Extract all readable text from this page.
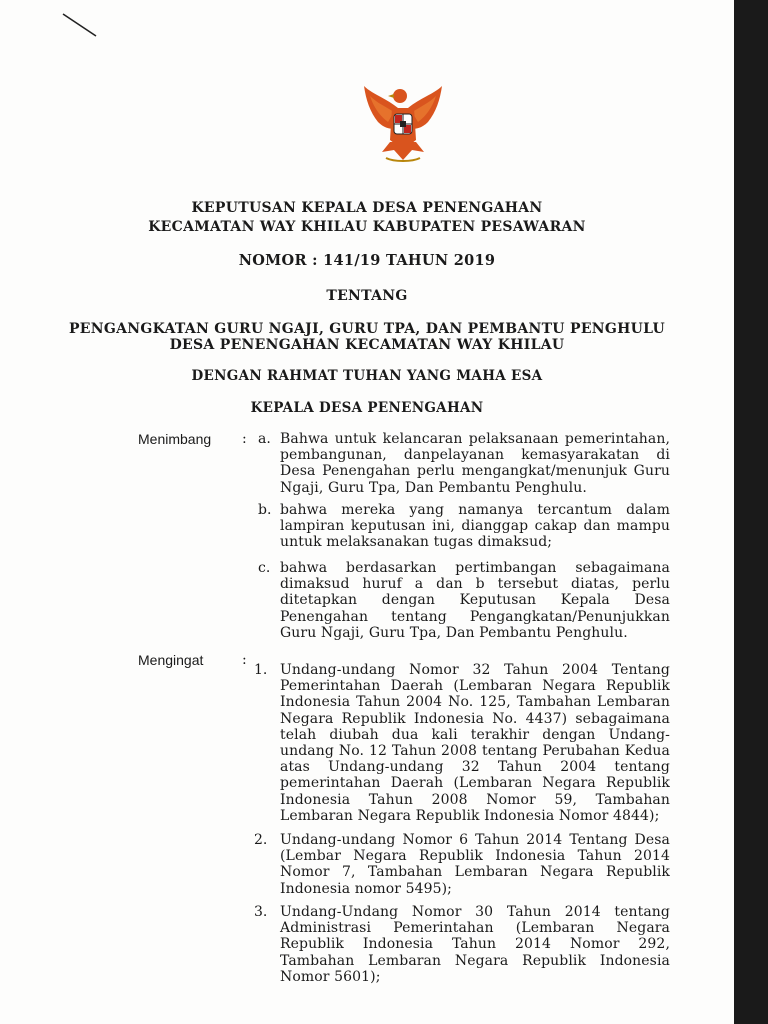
KEPUTUSAN KEPALA DESA PENENGAHAN
KECAMATAN WAY KHILAU KABUPATEN PESAWARAN
NOMOR : 141/19 TAHUN 2019
TENTANG
PENGANGKATAN GURU NGAJI, GURU TPA, DAN PEMBANTU PENGHULU
DESA PENENGAHAN KECAMATAN WAY KHILAU
DENGAN RAHMAT TUHAN YANG MAHA ESA
KEPALA DESA PENENGAHAN
Menimbang : a. Bahwa untuk kelancaran pelaksanaan pemerintahan, pembangunan, danpelayanan kemasyarakatan di Desa Penengahan perlu mengangkat/menunjuk Guru Ngaji, Guru Tpa, Dan Pembantu Penghulu.
b. bahwa mereka yang namanya tercantum dalam lampiran keputusan ini, dianggap cakap dan mampu untuk melaksanakan tugas dimaksud;
c. bahwa berdasarkan pertimbangan sebagaimana dimaksud huruf a dan b tersebut diatas, perlu ditetapkan dengan Keputusan Kepala Desa Penengahan tentang Pengangkatan/Penunjukkan Guru Ngaji, Guru Tpa, Dan Pembantu Penghulu.
Mengingat	:
1. Undang-undang Nomor 32 Tahun 2004 Tentang Pemerintahan Daerah (Lembaran Negara Republik Indonesia Tahun 2004 No. 125, Tambahan Lembaran Negara Republik Indonesia No. 4437) sebagaimana telah diubah dua kali terakhir dengan Undang-undang No. 12 Tahun 2008 tentang Perubahan Kedua atas Undang-undang 32 Tahun 2004 tentang pemerintahan Daerah (Lembaran Negara Republik Indonesia Tahun 2008 Nomor 59, Tambahan Lembaran Negara Republik Indonesia Nomor 4844);
2. Undang-undang Nomor 6 Tahun 2014 Tentang Desa (Lembar Negara Republik Indonesia Tahun 2014 Nomor 7, Tambahan Lembaran Negara Republik Indonesia nomor 5495);
3. Undang-Undang Nomor 30 Tahun 2014 tentang Administrasi Pemerintahan (Lembaran Negara Republik Indonesia Tahun 2014 Nomor 292, Tambahan Lembaran Negara Republik Indonesia Nomor 5601);
